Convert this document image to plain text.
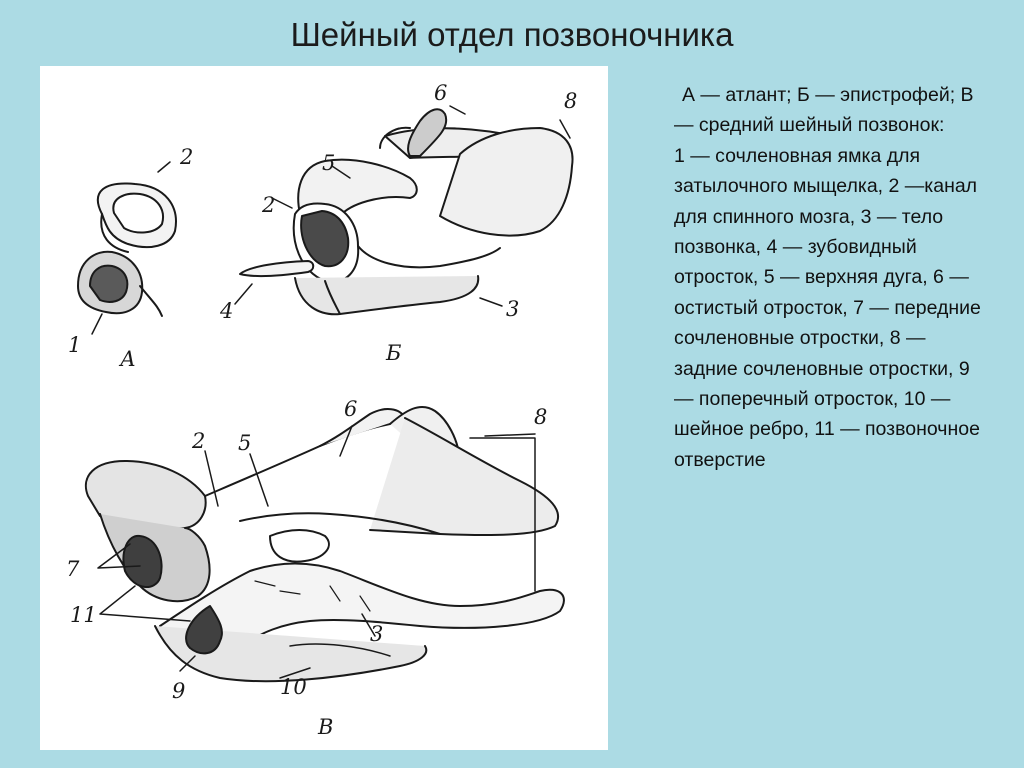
Шейный отдел позвоночника
А	Б
В
1
2
2
3
4
5
6	8
2
3
5
6
7
8
9	10
11

А — атлант; Б — эпистрофей; В — средний шейный позвонок:

1 — сочленовная ямка для затылочного мыщелка, 2 —канал для спинного мозга, 3 — тело позвонка, 4 — зубовидный отросток, 5 — верхняя дуга, 6 — остистый отросток, 7 — передние сочленовные отростки, 8 — задние сочленовные отростки, 9 — поперечный отросток, 10 — шейное ребро, 11 — позвоночное отверстие
